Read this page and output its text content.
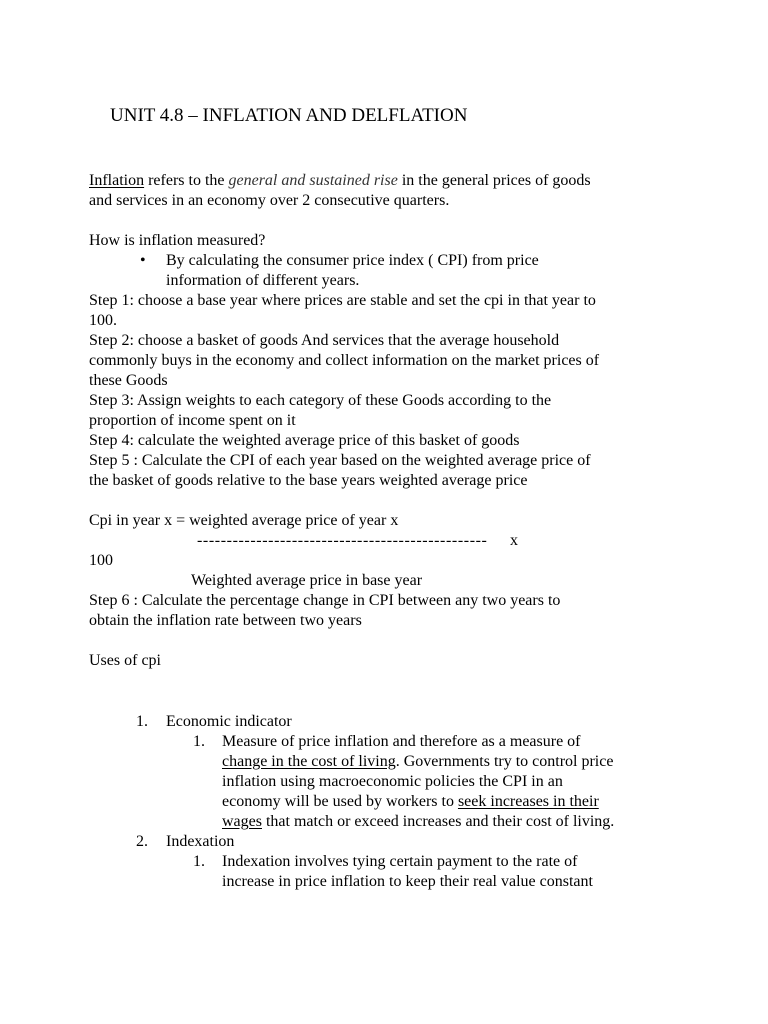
UNIT 4.8 – INFLATION AND DELFLATION
Inflation refers to the general and sustained rise in the general prices of goods
and services in an economy over 2 consecutive quarters.
How is inflation measured?
• By calculating the consumer price index ( CPI) from price
information of different years.
Step 1: choose a base year where prices are stable and set the cpi in that year to
100.
Step 2: choose a basket of goods And services that the average household
commonly buys in the economy and collect information on the market prices of
these Goods
Step 3: Assign weights to each category of these Goods according to the
proportion of income spent on it
Step 4: calculate the weighted average price of this basket of goods
Step 5 : Calculate the CPI of each year based on the weighted average price of
the basket of goods relative to the base years weighted average price
Cpi in year x = weighted average price of year x
------------------------------------------------- x
100
Weighted average price in base year
Step 6 : Calculate the percentage change in CPI between any two years to
obtain the inflation rate between two years
Uses of cpi
1. Economic indicator
1. Measure of price inflation and therefore as a measure of
change in the cost of living. Governments try to control price
inflation using macroeconomic policies the CPI in an
economy will be used by workers to seek increases in their
wages that match or exceed increases and their cost of living.
2. Indexation
1. Indexation involves tying certain payment to the rate of
increase in price inflation to keep their real value constant
